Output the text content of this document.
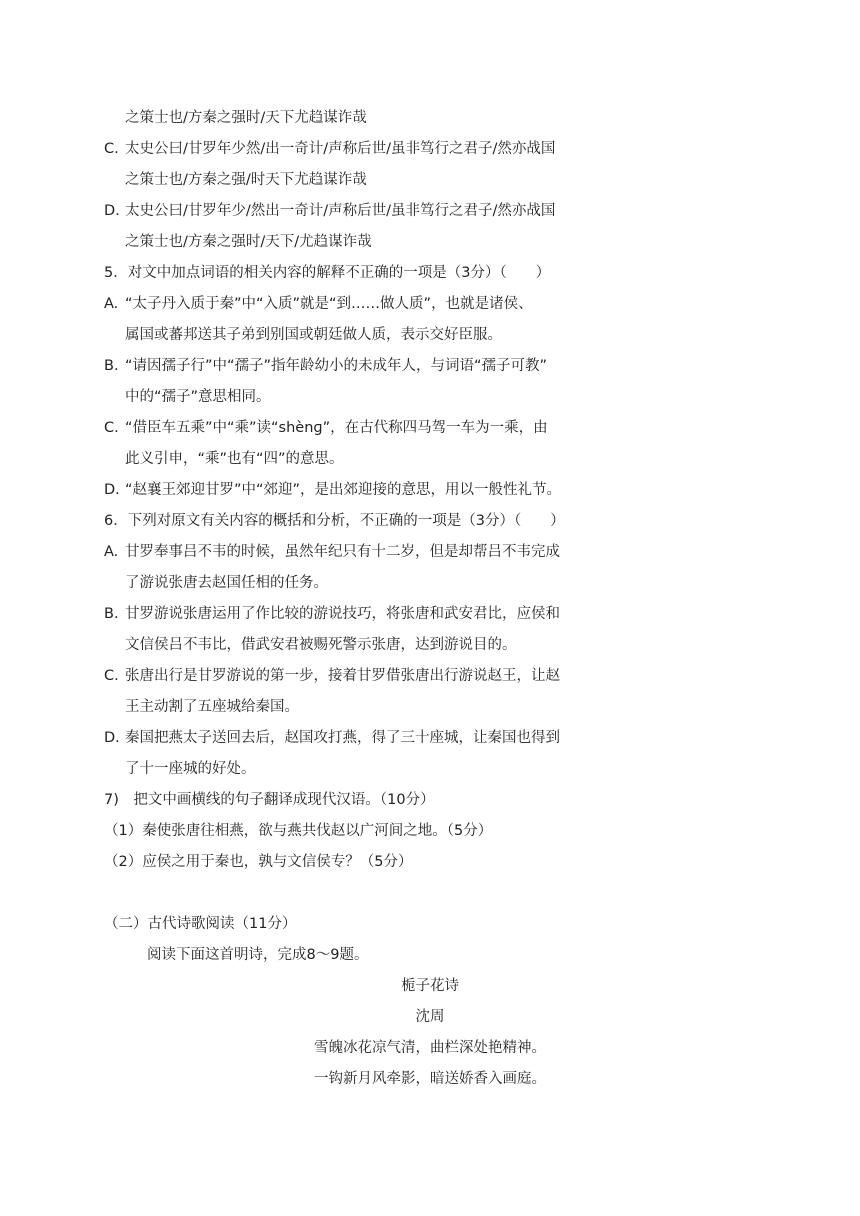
之策士也/方秦之强时/天下尤趋谋诈哉
C. 太史公曰/甘罗年少然/出一奇计/声称后世/虽非笃行之君子/然亦战国
之策士也/方秦之强/时天下尤趋谋诈哉
D. 太史公曰/甘罗年少/然出一奇计/声称后世/虽非笃行之君子/然亦战国
之策士也/方秦之强时/天下/尤趋谋诈哉
5．对文中加点词语的相关内容的解释不正确的一项是（3分）（　　）
A. “太子丹入质于秦”中“入质”就是“到……做人质”，也就是诸侯、
属国或蕃邦送其子弟到别国或朝廷做人质，表示交好臣服。
B. “请因孺子行”中“孺子”指年龄幼小的未成年人，与词语“孺子可教”
中的“孺子”意思相同。
C. “借臣车五乘”中“乘”读“shènɡ”，在古代称四马驾一车为一乘，由
此义引申，“乘”也有“四”的意思。
D. “赵襄王郊迎甘罗”中“郊迎”，是出郊迎接的意思，用以一般性礼节。
6．下列对原文有关内容的概括和分析，不正确的一项是（3分）（　　）
A. 甘罗奉事吕不韦的时候，虽然年纪只有十二岁，但是却帮吕不韦完成
了游说张唐去赵国任相的任务。
B. 甘罗游说张唐运用了作比较的游说技巧，将张唐和武安君比，应侯和
文信侯吕不韦比，借武安君被赐死警示张唐，达到游说目的。
C. 张唐出行是甘罗游说的第一步，接着甘罗借张唐出行游说赵王，让赵
王主动割了五座城给秦国。
D. 秦国把燕太子送回去后，赵国攻打燕，得了三十座城，让秦国也得到
了十一座城的好处。
7)　把文中画横线的句子翻译成现代汉语。（10分）
（1）秦使张唐往相燕，欲与燕共伐赵以广河间之地。（5分）
（2）应侯之用于秦也，孰与文信侯专？（5分）
（二）古代诗歌阅读（11分）
阅读下面这首明诗，完成8～9题。
栀子花诗
沈周
雪魄冰花凉气清，曲栏深处艳精神。
一钩新月风牵影，暗送娇香入画庭。
